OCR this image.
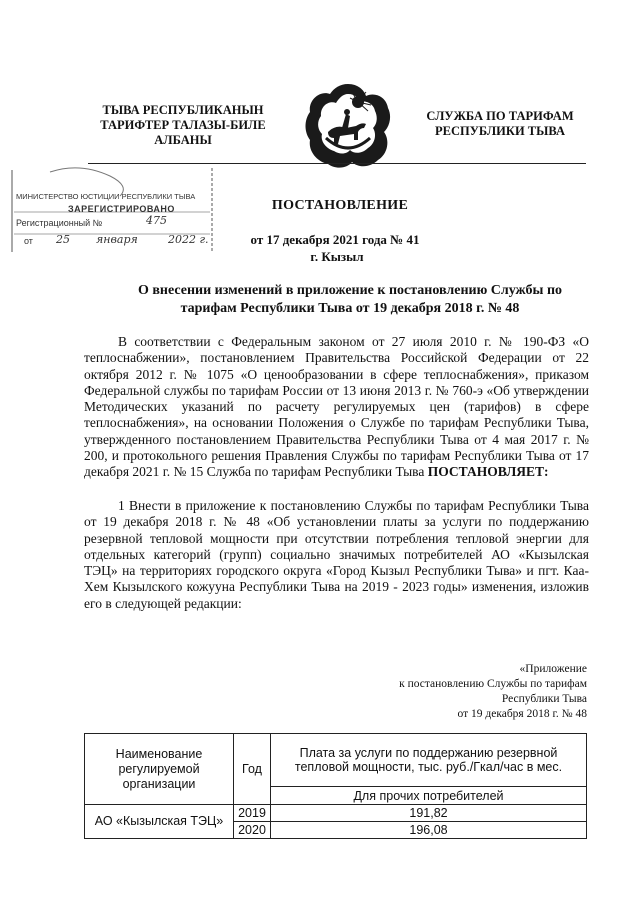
ТЫВА РЕСПУБЛИКАНЫН
ТАРИФТЕР ТАЛАЗЫ-БИЛЕ
АЛБАНЫ
СЛУЖБА ПО ТАРИФАМ
РЕСПУБЛИКИ ТЫВА
МИНИСТЕРСТВО ЮСТИЦИИ РЕСПУБЛИКИ ТЫВА
ЗАРЕГИСТРИРОВАНО
Регистрационный №	475
от 25 января	2022 г.
ПОСТАНОВЛЕНИЕ
от 17 декабря 2021 года № 41
г. Кызыл
О внесении изменений в приложение к постановлению Службы по тарифам Республики Тыва от 19 декабря 2018 г. № 48
В соответствии с Федеральным законом от 27 июля 2010 г. № 190-ФЗ «О теплоснабжении», постановлением Правительства Российской Федерации от 22 октября 2012 г. № 1075 «О ценообразовании в сфере теплоснабжения», приказом Федеральной службы по тарифам России от 13 июня 2013 г. № 760-э «Об утверждении Методических указаний по расчету регулируемых цен (тарифов) в сфере теплоснабжения», на основании Положения о Службе по тарифам Республики Тыва, утвержденного постановлением Правительства Республики Тыва от 4 мая 2017 г. № 200, и протокольного решения Правления Службы по тарифам Республики Тыва от 17 декабря 2021 г. № 15 Служба по тарифам Республики Тыва ПОСТАНОВЛЯЕТ:
1 Внести в приложение к постановлению Службы по тарифам Республики Тыва от 19 декабря 2018 г. № 48 «Об установлении платы за услуги по поддержанию резервной тепловой мощности при отсутствии потребления тепловой энергии для отдельных категорий (групп) социально значимых потребителей АО «Кызылская ТЭЦ» на территориях городского округа «Город Кызыл Республики Тыва» и пгт. Каа-Хем Кызылского кожууна Республики Тыва на 2019 - 2023 годы» изменения, изложив его в следующей редакции:
«Приложение
к постановлению Службы по тарифам
Республики Тыва
от 19 декабря 2018 г. № 48
Наименование регулируемой организации	Год	Плата за услуги по поддержанию резервной тепловой мощности, тыс. руб./Гкал/час в мес.
		Для прочих потребителей
АО «Кызылская ТЭЦ»	2019	191,82
	2020	196,08
